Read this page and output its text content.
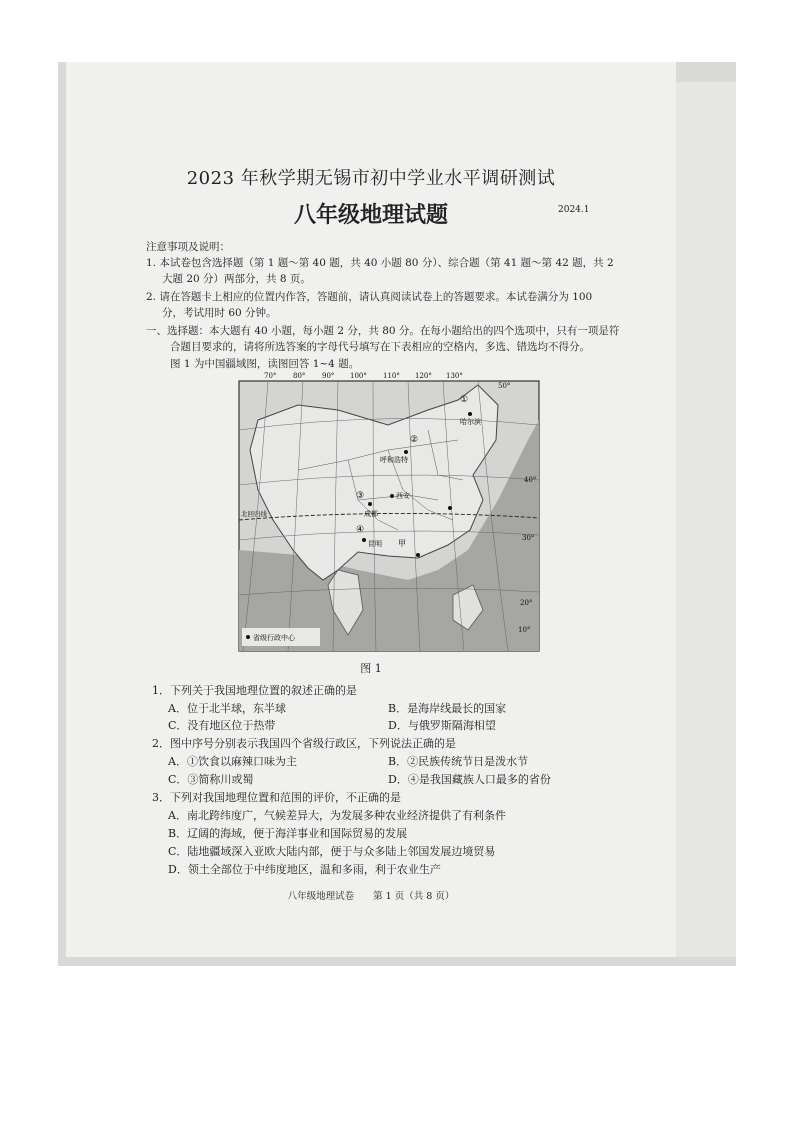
2023 年秋学期无锡市初中学业水平调研测试
八年级地理试题	2024.1
注意事项及说明：
1. 本试卷包含选择题（第 1 题～第 40 题，共 40 小题 80 分）、综合题（第 41 题～第 42 题，共 2
大题 20 分）两部分，共 8 页。
2. 请在答题卡上相应的位置内作答，答题前，请认真阅读试卷上的答题要求。本试卷满分为 100
分，考试用时 60 分钟。
一、选择题：本大题有 40 小题，每小题 2 分，共 80 分。在每小题给出的四个选项中，只有一项是符
合题目要求的，请将所选答案的字母代号填写在下表相应的空格内，多选、错选均不得分。
图 1 为中国疆域图，读图回答 1~4 题。
70° 80° 90° 100° 110° 120° 130°
50°
40°
30°
20°
10°
北回归线
哈尔滨
呼和浩特
西安
成都
昆明 甲
①
②
③
④
省级行政中心
图 1
1．下列关于我国地理位置的叙述正确的是
A．位于北半球，东半球	B．是海岸线最长的国家
C．没有地区位于热带	D．与俄罗斯隔海相望
2．图中序号分别表示我国四个省级行政区，下列说法正确的是
A．①饮食以麻辣口味为主	B．②民族传统节日是泼水节
C．③简称川或蜀	D．④是我国藏族人口最多的省份
3．下列对我国地理位置和范围的评价，不正确的是
A．南北跨纬度广，气候差异大，为发展多种农业经济提供了有利条件
B．辽阔的海域，便于海洋事业和国际贸易的发展
C．陆地疆域深入亚欧大陆内部，便于与众多陆上邻国发展边境贸易
D．领土全部位于中纬度地区，温和多雨，利于农业生产
八年级地理试卷　　第 1 页（共 8 页）
